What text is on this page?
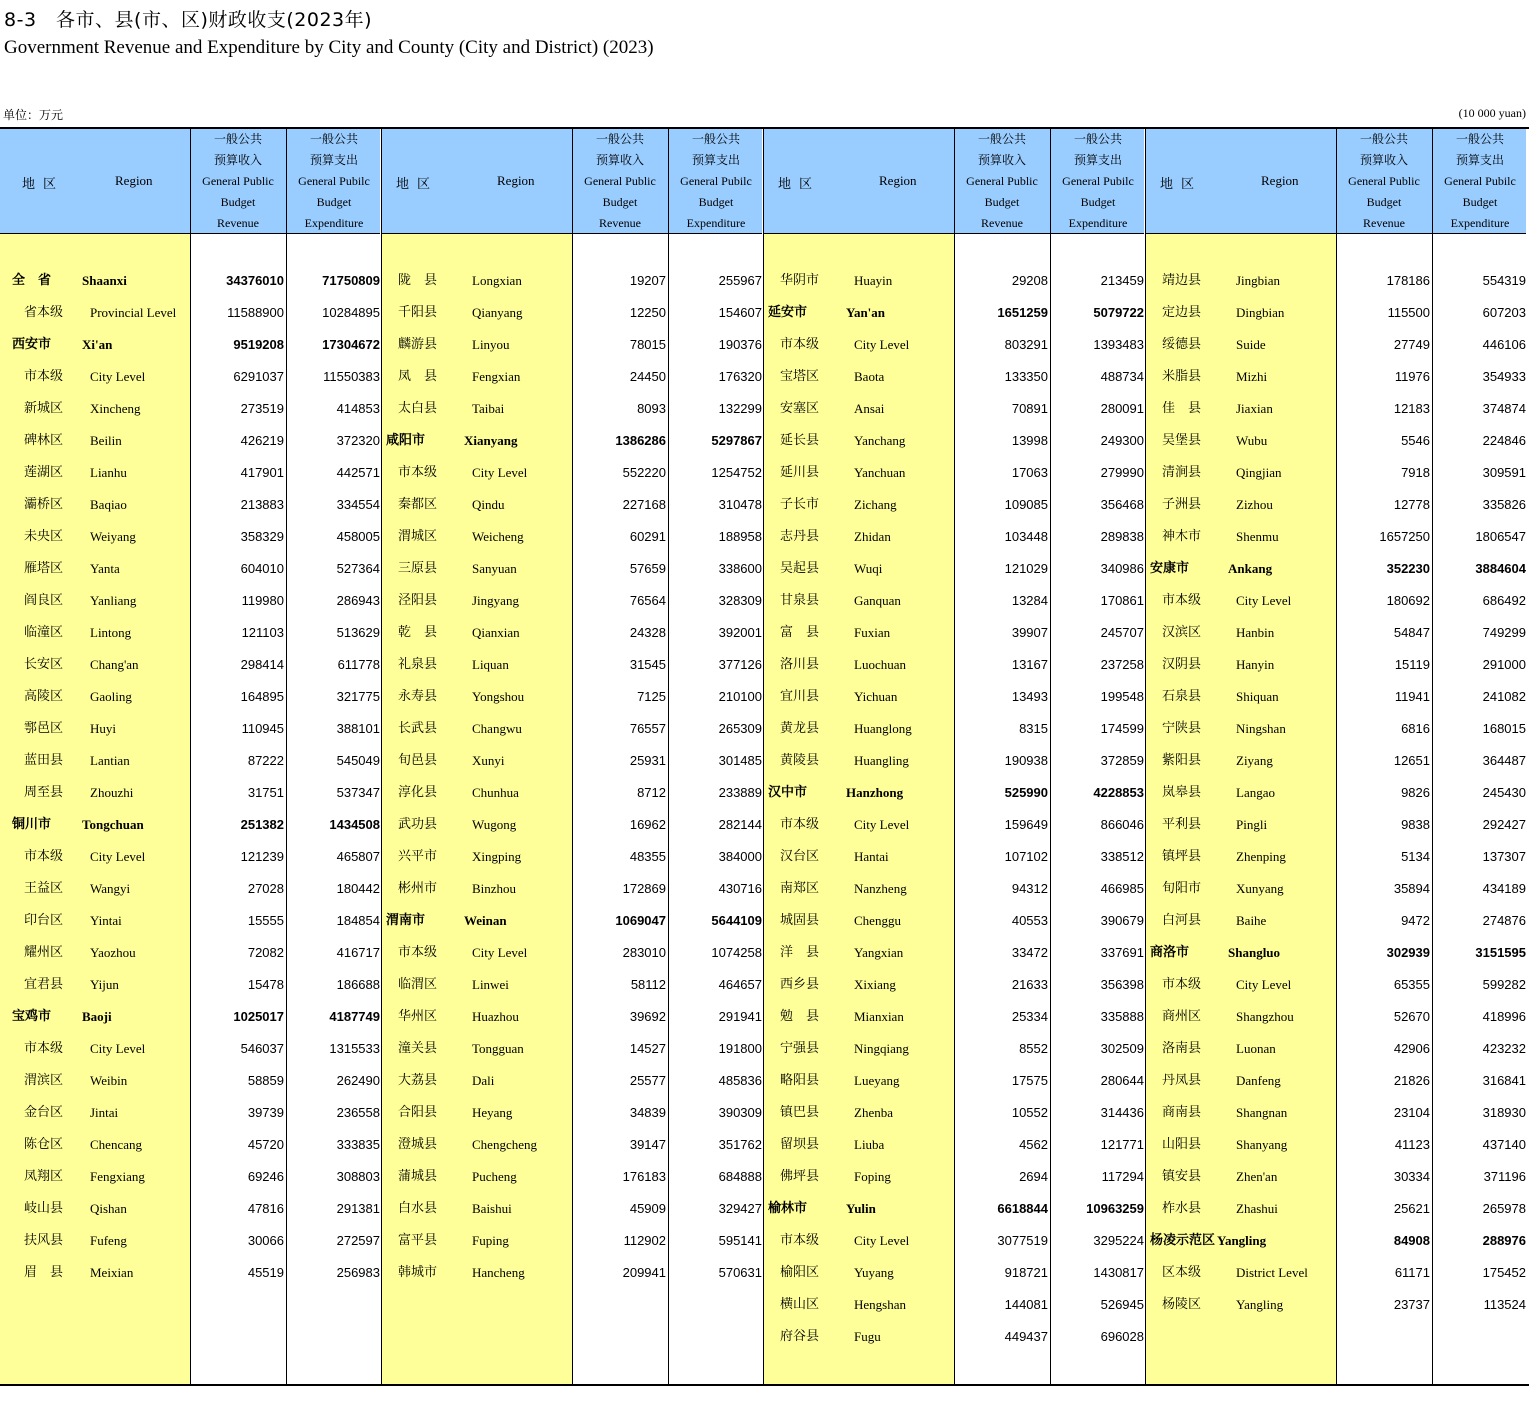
8-3　各市、县(市、区)财政收支(2023年)
Government Revenue and Expenditure by City and County (City and District) (2023)
单位：万元	(10 000 yuan)
地区	Region
一般公共
预算收入
General Public
Budget
Revenue
一般公共
预算支出
General Pubilc
Budget
Expenditure
全　省 Shaanxi	34376010	71750809
省本级 Provincial Level	11588900	10284895
西安市 Xi'an	9519208	17304672
市本级 City Level	6291037	11550383
新城区 Xincheng	273519	414853
碑林区 Beilin	426219	372320
莲湖区 Lianhu	417901	442571
灞桥区 Baqiao	213883	334554
未央区 Weiyang	358329	458005
雁塔区 Yanta	604010	527364
阎良区 Yanliang	119980	286943
临潼区 Lintong	121103	513629
长安区 Chang'an	298414	611778
高陵区 Gaoling	164895	321775
鄠邑区 Huyi	110945	388101
蓝田县 Lantian	87222	545049
周至县 Zhouzhi	31751	537347
铜川市 Tongchuan	251382	1434508
市本级 City Level	121239	465807
王益区 Wangyi	27028	180442
印台区 Yintai	15555	184854
耀州区 Yaozhou	72082	416717
宜君县 Yijun	15478	186688
宝鸡市 Baoji	1025017	4187749
市本级 City Level	546037	1315533
渭滨区 Weibin	58859	262490
金台区 Jintai	39739	236558
陈仓区 Chencang	45720	333835
凤翔区 Fengxiang	69246	308803
岐山县 Qishan	47816	291381
扶风县 Fufeng	30066	272597
眉　县 Meixian	45519	256983
地区	Region
一般公共
预算收入
General Public
Budget
Revenue
一般公共
预算支出
General Pubilc
Budget
Expenditure
陇　县	Longxian	19207	255967
千阳县	Qianyang	12250	154607
麟游县	Linyou	78015	190376
凤　县	Fengxian	24450	176320
太白县	Taibai	8093	132299
咸阳市	Xianyang	1386286	5297867
市本级	City Level	552220	1254752
秦都区	Qindu	227168	310478
渭城区	Weicheng	60291	188958
三原县	Sanyuan	57659	338600
泾阳县	Jingyang	76564	328309
乾　县	Qianxian	24328	392001
礼泉县	Liquan	31545	377126
永寿县	Yongshou	7125	210100
长武县	Changwu	76557	265309
旬邑县	Xunyi	25931	301485
淳化县	Chunhua	8712	233889
武功县	Wugong	16962	282144
兴平市	Xingping	48355	384000
彬州市	Binzhou	172869	430716
渭南市	Weinan	1069047	5644109
市本级	City Level	283010	1074258
临渭区	Linwei	58112	464657
华州区	Huazhou	39692	291941
潼关县	Tongguan	14527	191800
大荔县	Dali	25577	485836
合阳县	Heyang	34839	390309
澄城县	Chengcheng	39147	351762
蒲城县	Pucheng	176183	684888
白水县	Baishui	45909	329427
富平县	Fuping	112902	595141
韩城市	Hancheng	209941	570631
地区	Region
一般公共
预算收入
General Public
Budget
Revenue
一般公共
预算支出
General Pubilc
Budget
Expenditure
华阴市	Huayin	29208	213459
延安市	Yan'an	1651259	5079722
市本级	City Level	803291	1393483
宝塔区	Baota	133350	488734
安塞区	Ansai	70891	280091
延长县	Yanchang	13998	249300
延川县	Yanchuan	17063	279990
子长市	Zichang	109085	356468
志丹县	Zhidan	103448	289838
吴起县	Wuqi	121029	340986
甘泉县	Ganquan	13284	170861
富　县	Fuxian	39907	245707
洛川县	Luochuan	13167	237258
宜川县	Yichuan	13493	199548
黄龙县	Huanglong	8315	174599
黄陵县	Huangling	190938	372859
汉中市	Hanzhong	525990	4228853
市本级	City Level	159649	866046
汉台区	Hantai	107102	338512
南郑区	Nanzheng	94312	466985
城固县	Chenggu	40553	390679
洋　县	Yangxian	33472	337691
西乡县	Xixiang	21633	356398
勉　县	Mianxian	25334	335888
宁强县	Ningqiang	8552	302509
略阳县	Lueyang	17575	280644
镇巴县	Zhenba	10552	314436
留坝县	Liuba	4562	121771
佛坪县	Foping	2694	117294
榆林市	Yulin	6618844	10963259
市本级	City Level	3077519	3295224
榆阳区	Yuyang	918721	1430817
横山区	Hengshan	144081	526945
府谷县	Fugu	449437	696028
地区	Region
一般公共
预算收入
General Public
Budget
Revenue
一般公共
预算支出
General Pubilc
Budget
Expenditure
靖边县	Jingbian	178186	554319
定边县	Dingbian	115500	607203
绥德县	Suide	27749	446106
米脂县	Mizhi	11976	354933
佳　县	Jiaxian	12183	374874
吴堡县	Wubu	5546	224846
清涧县	Qingjian	7918	309591
子洲县	Zizhou	12778	335826
神木市	Shenmu	1657250	1806547
安康市	Ankang	352230	3884604
市本级	City Level	180692	686492
汉滨区	Hanbin	54847	749299
汉阴县	Hanyin	15119	291000
石泉县	Shiquan	11941	241082
宁陕县	Ningshan	6816	168015
紫阳县	Ziyang	12651	364487
岚皋县	Langao	9826	245430
平利县	Pingli	9838	292427
镇坪县	Zhenping	5134	137307
旬阳市	Xunyang	35894	434189
白河县	Baihe	9472	274876
商洛市	Shangluo	302939	3151595
市本级	City Level	65355	599282
商州区	Shangzhou	52670	418996
洛南县	Luonan	42906	423232
丹凤县	Danfeng	21826	316841
商南县	Shangnan	23104	318930
山阳县	Shanyang	41123	437140
镇安县	Zhen'an	30334	371196
柞水县	Zhashui	25621	265978
杨凌示范区 Yangling	84908	288976
区本级	District Level	61171	175452
杨陵区	Yangling	23737	113524
